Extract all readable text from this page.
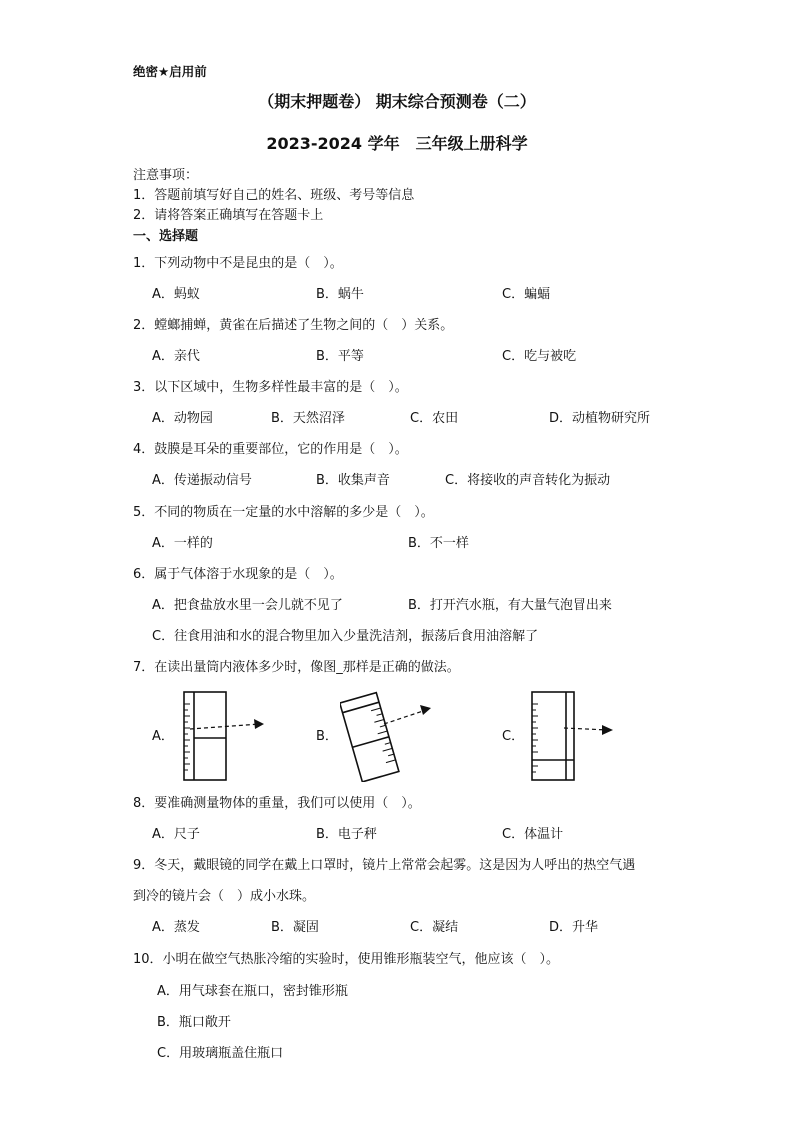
绝密★启用前
（期末押题卷） 期末综合预测卷（二）
2023-2024 学年　三年级上册科学
注意事项：
1．答题前填写好自己的姓名、班级、考号等信息
2．请将答案正确填写在答题卡上
一、选择题
1．下列动物中不是昆虫的是（　）。
A．蚂蚁	B．蜗牛	C．蝙蝠
2．螳螂捕蝉，黄雀在后描述了生物之间的（　）关系。
A．亲代	B．平等	C．吃与被吃
3．以下区域中，生物多样性最丰富的是（　）。
A．动物园	B．天然沼泽	C．农田	D．动植物研究所
4．鼓膜是耳朵的重要部位，它的作用是（　）。
A．传递振动信号	B．收集声音	C．将接收的声音转化为振动
5．不同的物质在一定量的水中溶解的多少是（　）。
A．一样的	B．不一样
6．属于气体溶于水现象的是（　）。
A．把食盐放水里一会儿就不见了	B．打开汽水瓶，有大量气泡冒出来
C．往食用油和水的混合物里加入少量洗洁剂，振荡后食用油溶解了
7．在读出量筒内液体多少时，像图_那样是正确的做法。
A．	B．	C．
8．要准确测量物体的重量，我们可以使用（　）。
A．尺子	B．电子秤	C．体温计
9．冬天，戴眼镜的同学在戴上口罩时，镜片上常常会起雾。这是因为人呼出的热空气遇
到冷的镜片会（　）成小水珠。
A．蒸发	B．凝固	C．凝结	D．升华
10．小明在做空气热胀冷缩的实验时，使用锥形瓶装空气，他应该（　）。
A．用气球套在瓶口，密封锥形瓶
B．瓶口敞开
C．用玻璃瓶盖住瓶口
